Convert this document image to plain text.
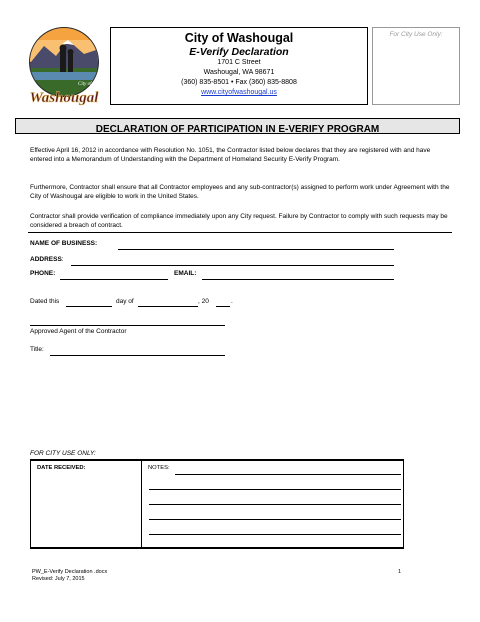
City of
Washougal
City of Washougal
E-Verify Declaration
1701 C Street
Washougal, WA 98671
(360) 835-8501 • Fax (360) 835-8808
www.cityofwashougal.us
For City Use Only:
DECLARATION OF PARTICIPATION IN E-VERIFY PROGRAM
Effective April 16, 2012 in accordance with Resolution No. 1051, the Contractor listed below declares that they are registered with and have entered into a Memorandum of Understanding with the Department of Homeland Security E-Verify Program.
Furthermore, Contractor shall ensure that all Contractor employees and any sub-contractor(s) assigned to perform work under Agreement with the City of Washougal are eligible to work in the United States.
Contractor shall provide verification of compliance immediately upon any City request. Failure by Contractor to comply with such requests may be considered a breach of contract.
NAME OF BUSINESS:
ADDRESS:
PHONE:	EMAIL:
Dated this	day of	, 20	.
Approved Agent of the Contractor
Title:
FOR CITY USE ONLY:
DATE RECEIVED:	NOTES:
PW_E-Verify Declaration .docx
Revised: July 7, 2015
1
